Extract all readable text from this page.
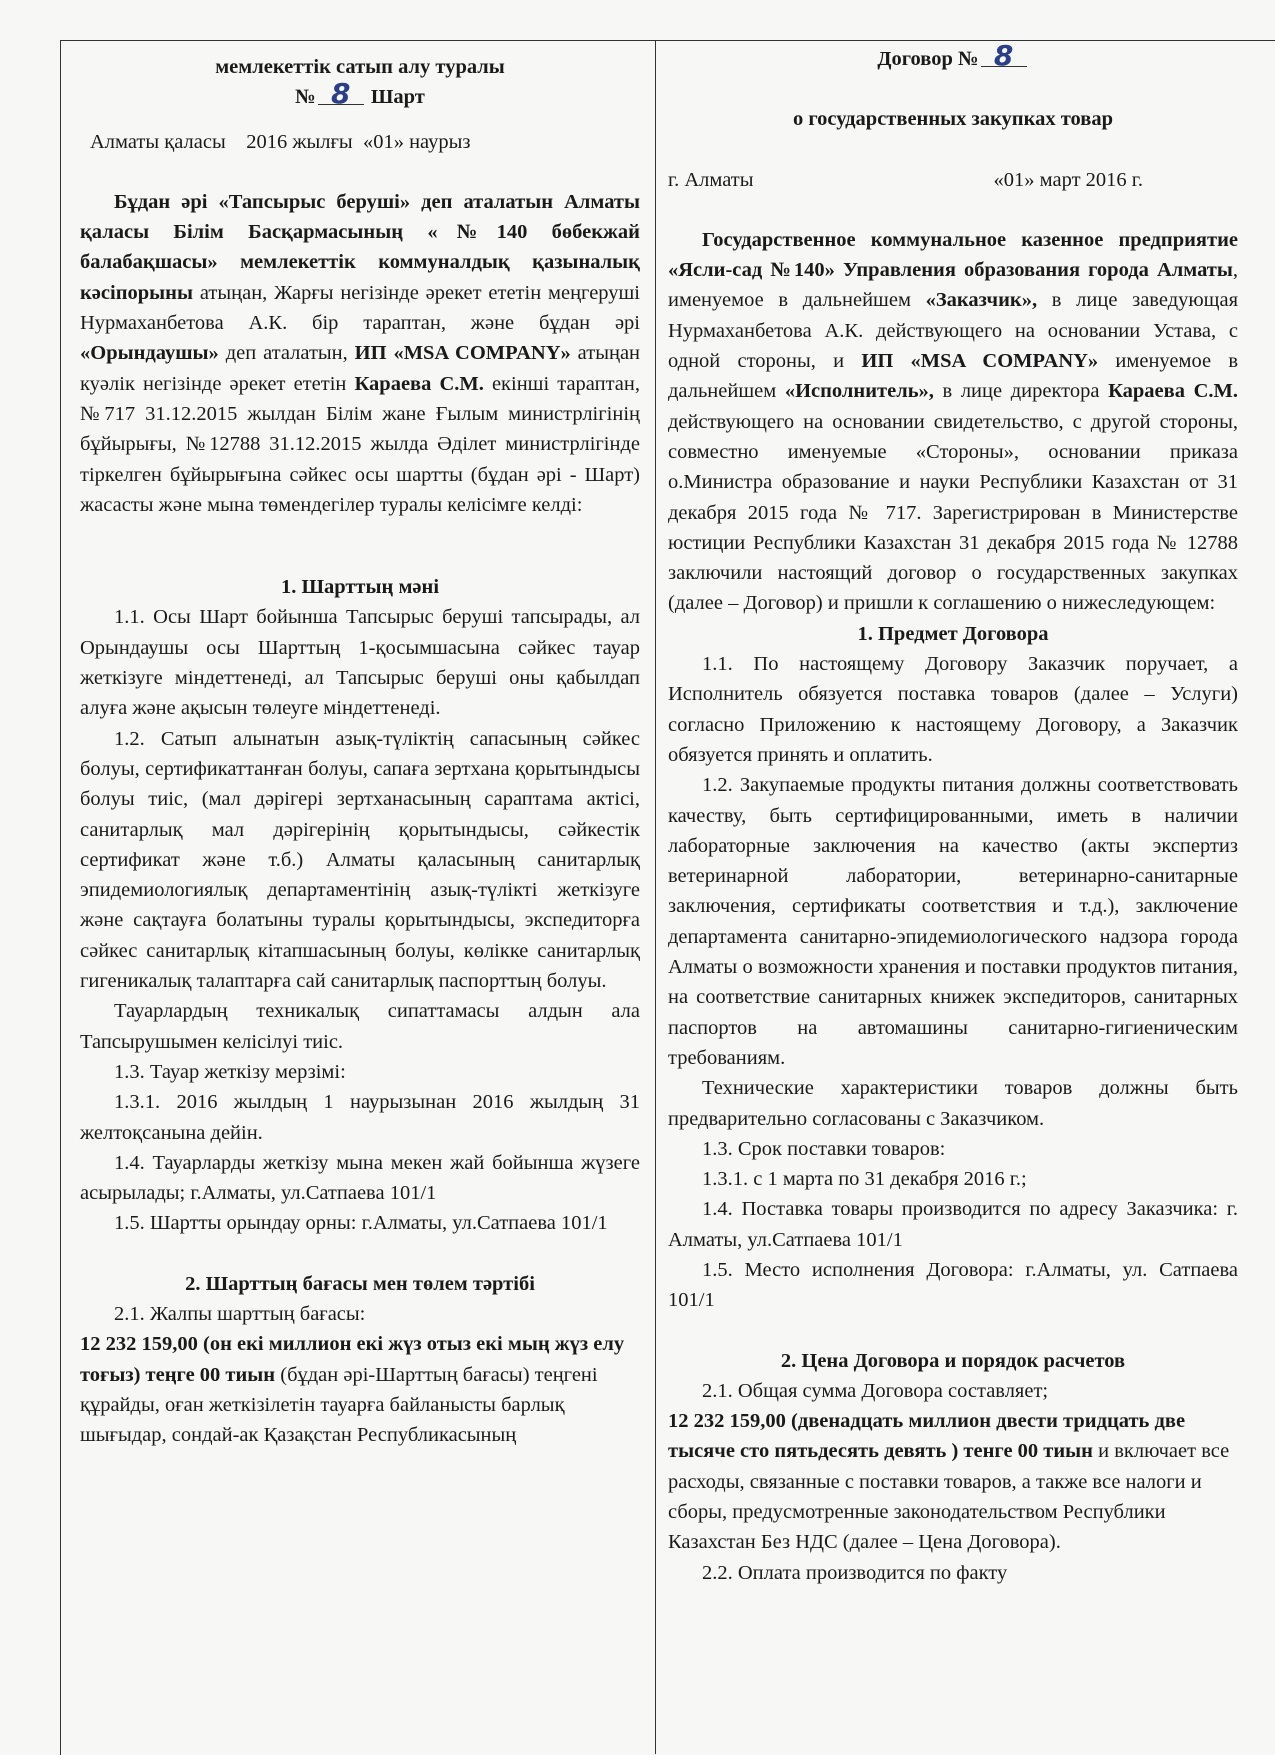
мемлекеттік сатып алу туралы

№ 8 Шарт

Алматы қаласы    2016 жылғы  «01» наурыз

Бұдан әрі «Тапсырыс беруші» деп аталатын Алматы қаласы Білім Басқармасының «№140 бөбекжай балабақшасы» мемлекеттік коммуналдық қазыналық кәсіпорыны атыңан, Жарғы негізінде әрекет ететін меңгеруші Нурмаханбетова А.К. бір тараптан, және бұдан әрі «Орындаушы» деп аталатын, ИП «MSA COMPANY» атыңан куәлік негізінде әрекет ететін Караева С.М. екінші тараптан, №717 31.12.2015 жылдан Білім жане Ғылым министрлігінің бұйырығы, №12788 31.12.2015 жылда Әділет министрлігінде тіркелген бұйырығына сәйкес осы шартты (бұдан әрі - Шарт) жасасты және мына төмендегілер туралы келісімге келді:

1. Шарттың мәні

1.1. Осы Шарт бойынша Тапсырыс беруші тапсырады, ал Орындаушы осы Шарттың 1-қосымшасына сәйкес тауар жеткізуге міндеттенеді, ал Тапсырыс беруші оны қабылдап алуға және ақысын төлеуге міндеттенеді.

1.2. Сатып алынатын азық-түліктің сапасының сәйкес болуы, сертификаттанған болуы, сапаға зертхана қорытындысы болуы тиіс, (мал дәрігері зертханасының сараптама актісі, санитарлық мал дәрігерінің қорытындысы, сәйкестік сертификат және т.б.) Алматы қаласының санитарлық эпидемиологиялық департаментінің азық-түлікті жеткізуге және сақтауға болатыны туралы қорытындысы, экспедиторға сәйкес санитарлық кітапшасының болуы, көлікке санитарлық гигеникалық талаптарға сай санитарлық паспорттың болуы.

Тауарлардың техникалық сипаттамасы алдын ала Тапсырушымен келісілуі тиіс.

1.3. Тауар жеткізу мерзімі:

1.3.1. 2016 жылдың 1 наурызынан 2016 жылдың 31 желтоқсанына дейін.

1.4. Тауарларды жеткізу мына мекен жай бойынша жүзеге асырылады; г.Алматы, ул.Сатпаева 101/1

1.5. Шартты орындау орны: г.Алматы, ул.Сатпаева 101/1

2. Шарттың бағасы мен төлем тәртібі

2.1. Жалпы шарттың бағасы:

12 232 159,00 (он екі миллион екі жүз отыз екі мың жүз елу тоғыз) теңге 00 тиын (бұдан әрі-Шарттың бағасы) теңгені құрайды, оған жеткізілетін тауарға байланысты барлық шығыдар, сондай-ак Қазақстан Республикасының

Договор № 8

о государственных закупках товар

г. Алматы	«01» март 2016 г.

Государственное коммунальное казенное предприятие «Ясли-сад №140» Управления образования города Алматы, именуемое в дальнейшем «Заказчик», в лице заведующая Нурмаханбетова А.К. действующего на основании Устава, с одной стороны, и ИП «MSA COMPANY» именуемое в дальнейшем «Исполнитель», в лице директора Караева С.М. действующего на основании свидетельство, с другой стороны, совместно именуемые «Стороны», основании приказа о.Министра образование и науки Республики Казахстан от 31 декабря 2015 года № 717. Зарегистрирован в Министерстве юстиции Республики Казахстан 31 декабря 2015 года № 12788 заключили настоящий договор о государственных закупках (далее – Договор) и пришли к соглашению о нижеследующем:

1. Предмет Договора

1.1. По настоящему Договору Заказчик поручает, а Исполнитель обязуется поставка товаров (далее – Услуги) согласно Приложению к настоящему Договору, а Заказчик обязуется принять и оплатить.

1.2. Закупаемые продукты питания должны соответствовать качеству, быть сертифицированными, иметь в наличии лабораторные заключения на качество (акты экспертиз ветеринарной лаборатории, ветеринарно-санитарные заключения, сертификаты соответствия и т.д.), заключение департамента санитарно-эпидемиологического надзора города Алматы о возможности хранения и поставки продуктов питания, на соответствие санитарных книжек экспедиторов, санитарных паспортов на автомашины санитарно-гигиеническим требованиям.

Технические характеристики товаров должны быть предварительно согласованы с Заказчиком.

1.3. Срок поставки товаров:

1.3.1. с 1 марта по 31 декабря 2016 г.;

1.4. Поставка товары производится по адресу Заказчика: г. Алматы, ул.Сатпаева 101/1

1.5. Место исполнения Договора: г.Алматы, ул. Сатпаева 101/1

2. Цена Договора и порядок расчетов

2.1. Общая сумма Договора составляет;

12 232 159,00 (двенадцать миллион двести тридцать две тысяче сто пятьдесять девять ) тенге 00 тиын и включает все расходы, связанные с поставки товаров, а также все налоги и сборы, предусмотренные законодательством Республики Казахстан Без НДС (далее – Цена Договора).

2.2. Оплата производится по факту
